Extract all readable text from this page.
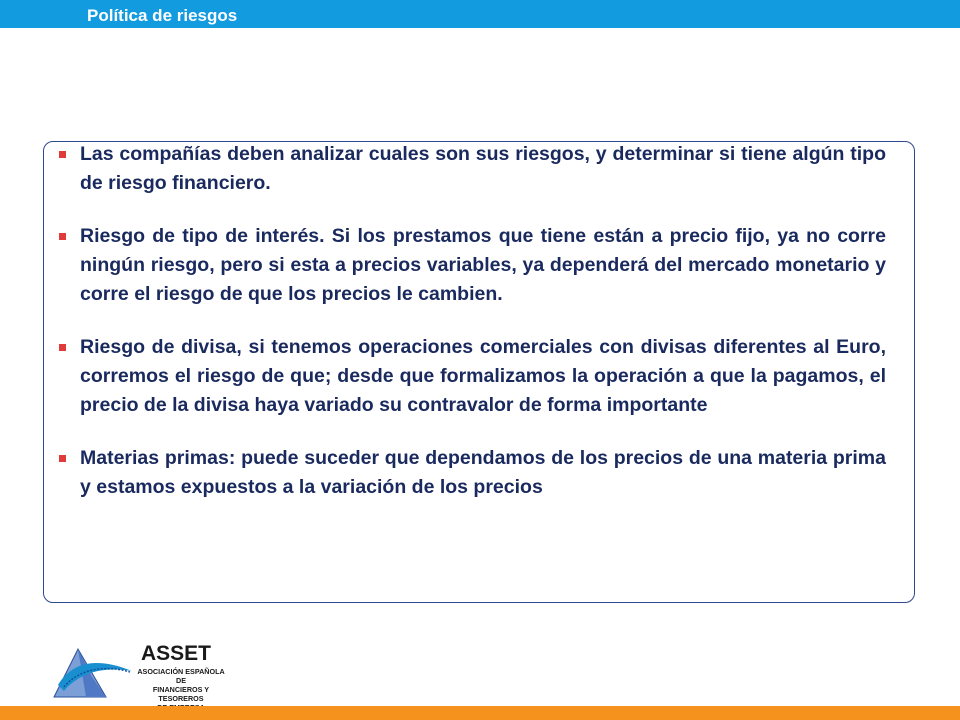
Política de riesgos
Las compañías deben analizar cuales son sus riesgos, y determinar si tiene algún tipo de riesgo financiero.
Riesgo de tipo de interés. Si los prestamos que tiene están a precio fijo, ya no corre ningún riesgo, pero si esta a precios variables, ya dependerá del mercado monetario y corre el riesgo de que los precios le cambien.
Riesgo de divisa, si tenemos operaciones comerciales con divisas diferentes al Euro, corremos el riesgo de que; desde que formalizamos la operación a que la pagamos, el precio de la divisa haya variado su contravalor de forma importante
Materias primas: puede suceder que dependamos de los precios de una materia prima y estamos expuestos a la variación de los precios
ASSET
ASOCIACIÓN ESPAÑOLA DE
FINANCIEROS Y TESOREROS
